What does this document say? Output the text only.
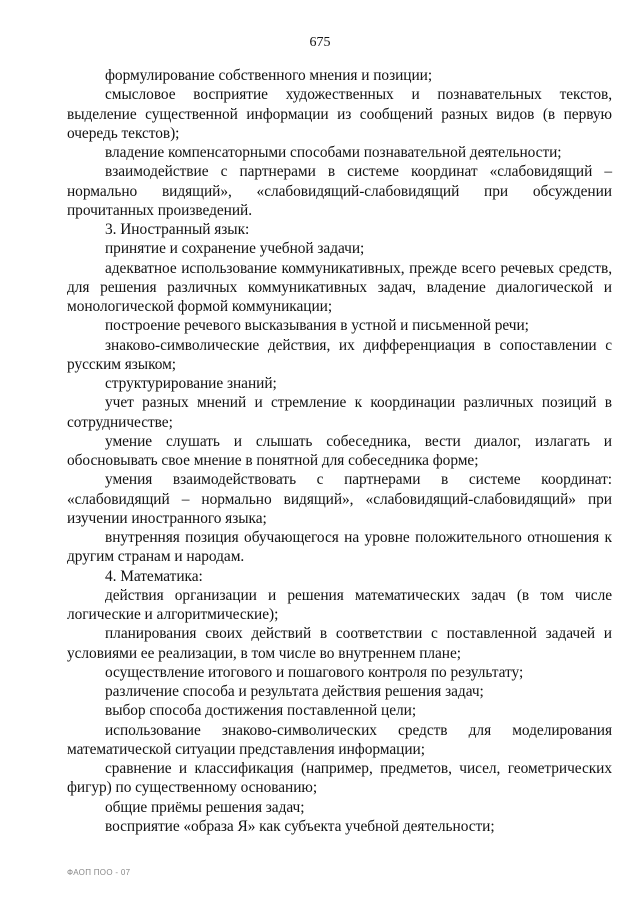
675

формулирование собственного мнения и позиции;

смысловое восприятие художественных и познавательных текстов, выделение существенной информации из сообщений разных видов (в первую очередь текстов);

владение компенсаторными способами познавательной деятельности;

взаимодействие с партнерами в системе координат «слабовидящий – нормально видящий», «слабовидящий-слабовидящий при обсуждении прочитанных произведений.

3. Иностранный язык:

принятие и сохранение учебной задачи;

адекватное использование коммуникативных, прежде всего речевых средств, для решения различных коммуникативных задач, владение диалогической и монологической формой коммуникации;

построение речевого высказывания в устной и письменной речи;

знаково-символические действия, их дифференциация в сопоставлении с русским языком;

структурирование знаний;

учет разных мнений и стремление к координации различных позиций в сотрудничестве;

умение слушать и слышать собеседника, вести диалог, излагать и обосновывать свое мнение в понятной для собеседника форме;

умения взаимодействовать с партнерами в системе координат: «слабовидящий – нормально видящий», «слабовидящий-слабовидящий» при изучении иностранного языка;

внутренняя позиция обучающегося на уровне положительного отношения к другим странам и народам.

4. Математика:

действия организации и решения математических задач (в том числе логические и алгоритмические);

планирования своих действий в соответствии с поставленной задачей и условиями ее реализации, в том числе во внутреннем плане;

осуществление итогового и пошагового контроля по результату;

различение способа и результата действия решения задач;

выбор способа достижения поставленной цели;

использование знаково-символических средств для моделирования математической ситуации представления информации;

сравнение и классификация (например, предметов, чисел, геометрических фигур) по существенному основанию;

общие приёмы решения задач;

восприятие «образа Я» как субъекта учебной деятельности;

ФАОП ПОО - 07
